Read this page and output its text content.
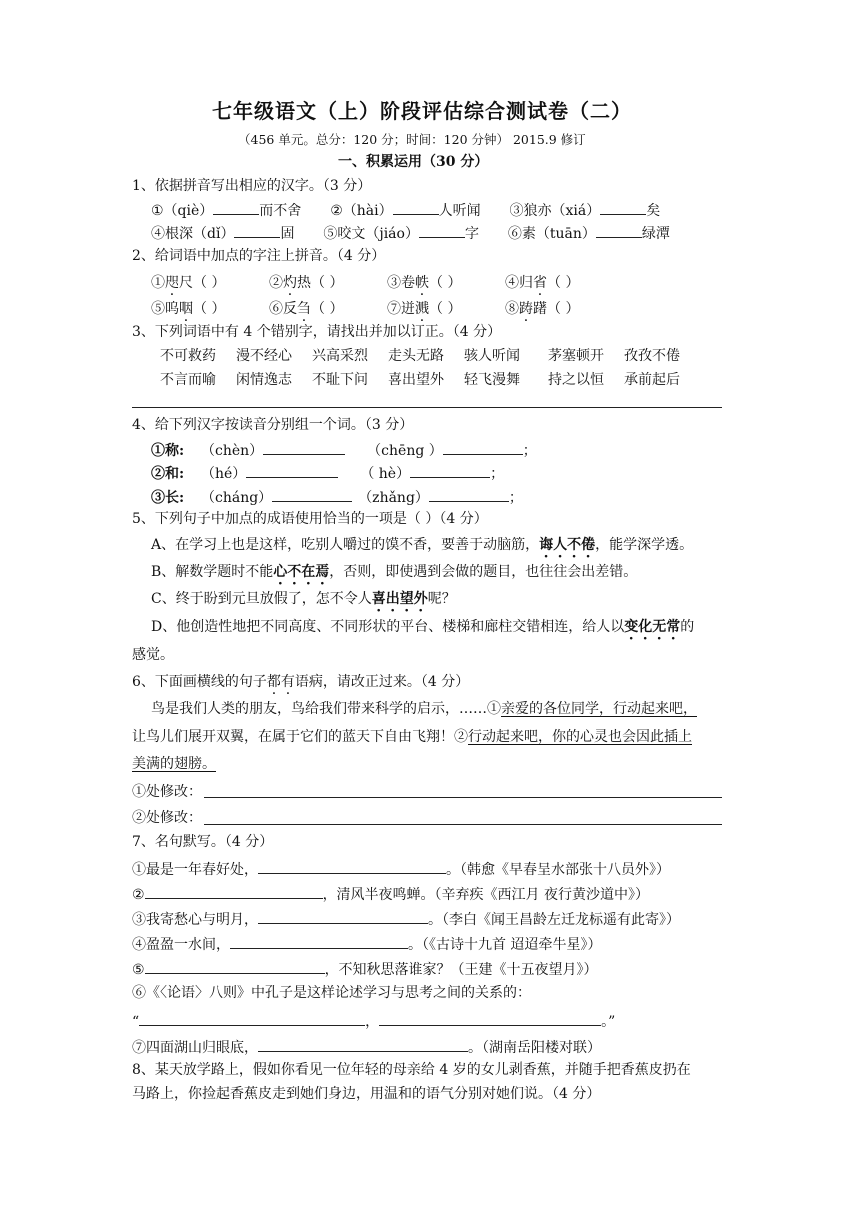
七年级语文（上）阶段评估综合测试卷（二）
（456 单元。总分：120 分；时间：120 分钟） 2015.9 修订
一、积累运用（30 分）
1、依据拼音写出相应的汉字。（3 分）
①（qiè）	而不舍 ②（hài）	人听闻 ③狼亦（xiá）	矣
④根深（dǐ）	固 ⑤咬文（jiáo）	字 ⑥素（tuān）	绿潭
2、给词语中加点的字注上拼音。（4 分）
①咫尺（ ）	②灼热（ ）	③卷帙（ ）	④归省（ ）
⑤呜咽（ ）	⑥反刍（ ）	⑦迸溅（ ）	⑧踌躇（ ）
3、下列词语中有 4 个错别字，请找出并加以订正。（4 分）
不可救药 漫不经心 兴高采烈 走头无路 骇人听闻 茅塞顿开 孜孜不倦
不言而喻 闲情逸志 不耻下问 喜出望外 轻飞漫舞 持之以恒 承前起后
4、给下列汉字按读音分别组一个词。（3 分）
①称: （chèn）	（chēng ）	；
②和: （hé）	（ hè）	；
③长: （cháng）	（zhǎng）	；
5、下列句子中加点的成语使用恰当的一项是（ ）（4 分）
A、在学习上也是这样，吃别人嚼过的馍不香，要善于动脑筋，诲人不倦，能学深学透。
B、解数学题时不能心不在焉，否则，即使遇到会做的题目，也往往会出差错。
C、终于盼到元旦放假了，怎不令人喜出望外呢？
D、他创造性地把不同高度、不同形状的平台、楼梯和廊柱交错相连，给人以变化无常的
感觉。
6、下面画横线的句子都有语病，请改正过来。（4 分）
鸟是我们人类的朋友，鸟给我们带来科学的启示，……①亲爱的各位同学，行动起来吧，
让鸟儿们展开双翼，在属于它们的蓝天下自由飞翔！②行动起来吧，你的心灵也会因此插上
美满的翅膀。
①处修改：
②处修改：
7、名句默写。（4 分）
①最是一年春好处，	。（韩愈《早春呈水部张十八员外》）
②	，清风半夜鸣蝉。（辛弃疾《西江月 夜行黄沙道中》）
③我寄愁心与明月，	。（李白《闻王昌龄左迁龙标遥有此寄》）
④盈盈一水间，	。（《古诗十九首 迢迢牵牛星》）
⑤	，不知秋思落谁家？（王建《十五夜望月》）
⑥《〈论语〉八则》中孔子是这样论述学习与思考之间的关系的：
“	，	。”
⑦四面湖山归眼底，	。（湖南岳阳楼对联）
8、某天放学路上，假如你看见一位年轻的母亲给 4 岁的女儿剥香蕉，并随手把香蕉皮扔在
马路上，你捡起香蕉皮走到她们身边，用温和的语气分别对她们说。（4 分）
